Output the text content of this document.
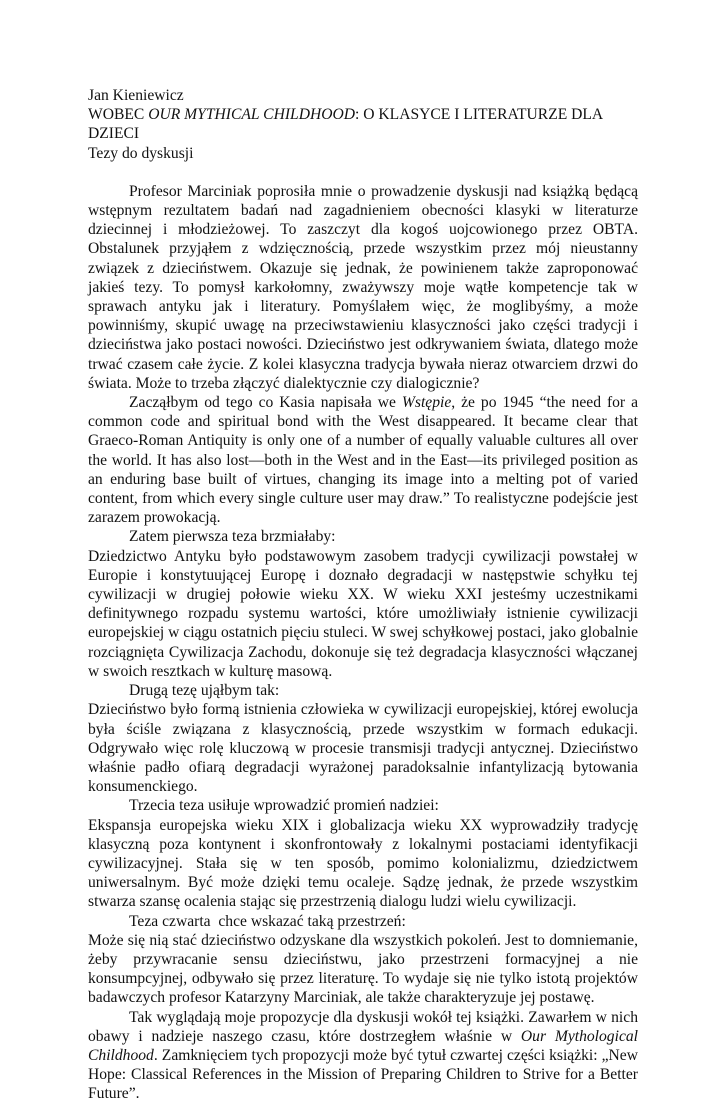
Jan Kieniewicz
WOBEC OUR MYTHICAL CHILDHOOD: O KLASYCE I LITERATURZE DLA DZIECI
Tezy do dyskusji

Profesor Marciniak poprosiła mnie o prowadzenie dyskusji nad książką będącą wstępnym rezultatem badań nad zagadnieniem obecności klasyki w literaturze dziecinnej i młodzieżowej. To zaszczyt dla kogoś uojcowionego przez OBTA. Obstalunek przyjąłem z wdzięcznością, przede wszystkim przez mój nieustanny związek z dzieciństwem. Okazuje się jednak, że powinienem także zaproponować jakieś tezy. To pomysł karkołomny, zważywszy moje wątłe kompetencje tak w sprawach antyku jak i literatury. Pomyślałem więc, że moglibyśmy, a może powinniśmy, skupić uwagę na przeciwstawieniu klasyczności jako części tradycji i dzieciństwa jako postaci nowości. Dzieciństwo jest odkrywaniem świata, dlatego może trwać czasem całe życie. Z kolei klasyczna tradycja bywała nieraz otwarciem drzwi do świata. Może to trzeba złączyć dialektycznie czy dialogicznie?

Zacząłbym od tego co Kasia napisała we Wstępie, że po 1945 “the need for a common code and spiritual bond with the West disappeared. It became clear that Graeco-Roman Antiquity is only one of a number of equally valuable cultures all over the world. It has also lost—both in the West and in the East—its privileged position as an enduring base built of virtues, changing its image into a melting pot of varied content, from which every single culture user may draw.” To realistyczne podejście jest zarazem prowokacją.

Zatem pierwsza teza brzmiałaby:

Dziedzictwo Antyku było podstawowym zasobem tradycji cywilizacji powstałej w Europie i konstytuującej Europę i doznało degradacji w następstwie schyłku tej cywilizacji w drugiej połowie wieku XX. W wieku XXI jesteśmy uczestnikami definitywnego rozpadu systemu wartości, które umożliwiały istnienie cywilizacji europejskiej w ciągu ostatnich pięciu stuleci. W swej schyłkowej postaci, jako globalnie rozciągnięta Cywilizacja Zachodu, dokonuje się też degradacja klasyczności włączanej w swoich resztkach w kulturę masową.

Drugą tezę ująłbym tak:

Dzieciństwo było formą istnienia człowieka w cywilizacji europejskiej, której ewolucja była ściśle związana z klasycznością, przede wszystkim w formach edukacji. Odgrywało więc rolę kluczową w procesie transmisji tradycji antycznej. Dzieciństwo właśnie padło ofiarą degradacji wyrażonej paradoksalnie infantylizacją bytowania konsumenckiego.

Trzecia teza usiłuje wprowadzić promień nadziei:

Ekspansja europejska wieku XIX i globalizacja wieku XX wyprowadziły tradycję klasyczną poza kontynent i skonfrontowały z lokalnymi postaciami identyfikacji cywilizacyjnej. Stała się w ten sposób, pomimo kolonializmu, dziedzictwem uniwersalnym. Być może dzięki temu ocaleje. Sądzę jednak, że przede wszystkim stwarza szansę ocalenia stając się przestrzenią dialogu ludzi wielu cywilizacji.

Teza czwarta  chce wskazać taką przestrzeń:

Może się nią stać dzieciństwo odzyskane dla wszystkich pokoleń. Jest to domniemanie, żeby przywracanie sensu dzieciństwu, jako przestrzeni formacyjnej a nie konsumpcyjnej, odbywało się przez literaturę. To wydaje się nie tylko istotą projektów badawczych profesor Katarzyny Marciniak, ale także charakteryzuje jej postawę.

Tak wyglądają moje propozycje dla dyskusji wokół tej książki. Zawarłem w nich obawy i nadzieje naszego czasu, które dostrzegłem właśnie w Our Mythological Childhood. Zamknięciem tych propozycji może być tytuł czwartej części książki: „New Hope: Classical References in the Mission of Preparing Children to Strive for a Better Future”.
